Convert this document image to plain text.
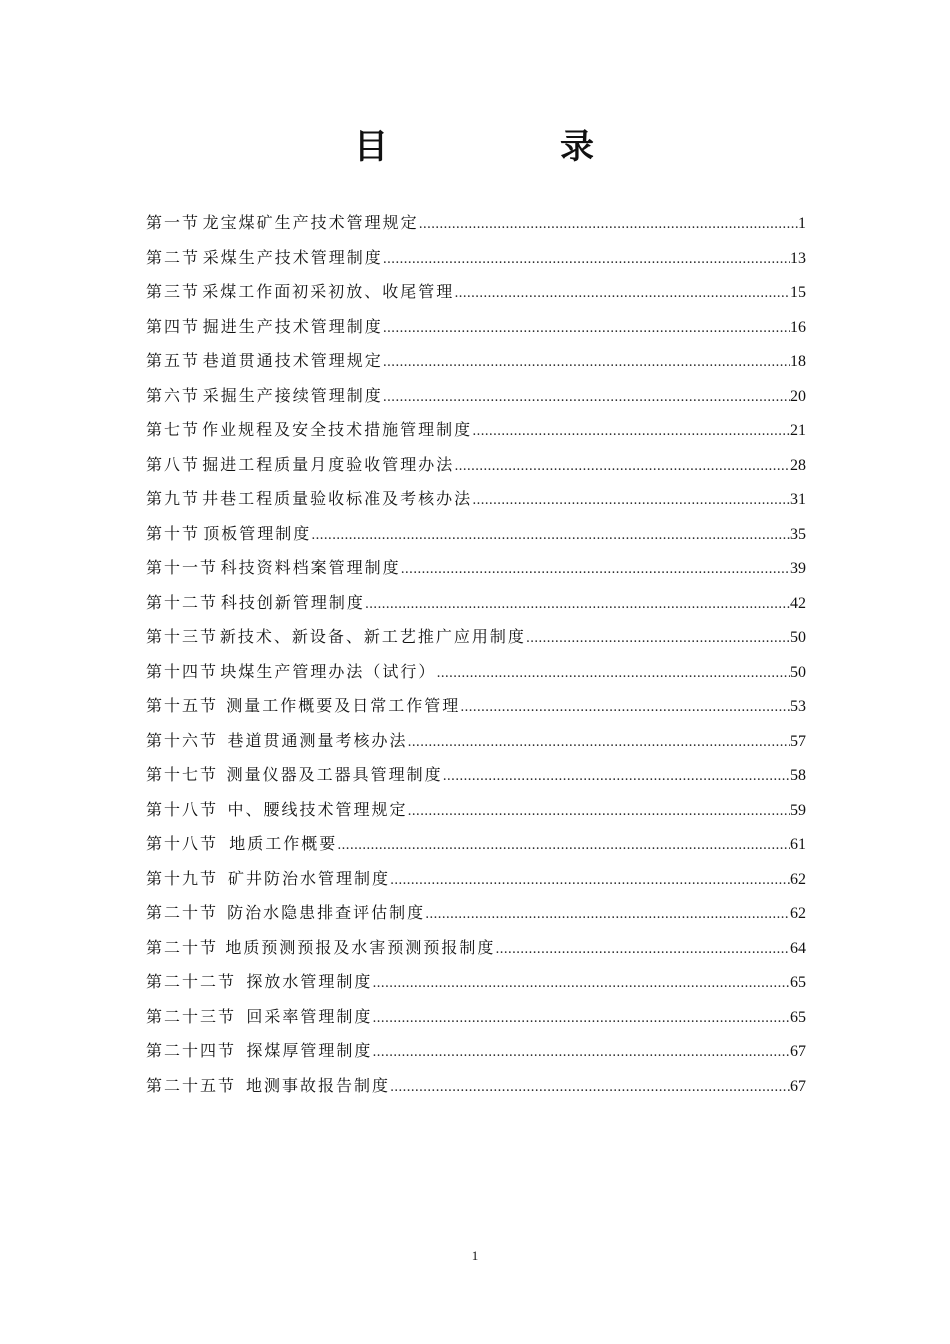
目	录
第一节 龙宝煤矿生产技术管理规定 .....	1
第二节 采煤生产技术管理制度 .....	13
第三节 采煤工作面初采初放、收尾管理 .....	15
第四节 掘进生产技术管理制度 .....	16
第五节 巷道贯通技术管理规定 .....	18
第六节 采掘生产接续管理制度 .....	20
第七节 作业规程及安全技术措施管理制度 .....	21
第八节 掘进工程质量月度验收管理办法 .....	28
第九节 井巷工程质量验收标准及考核办法 .....	31
第十节 顶板管理制度 .....	35
第十一节 科技资料档案管理制度 .....	39
第十二节 科技创新管理制度 .....	42
第十三节 新技术、新设备、新工艺推广应用制度 .....	50
第十四节 块煤生产管理办法（试行） .....	50
第十五节 测量工作概要及日常工作管理 .....	53
第十六节 巷道贯通测量考核办法 .....	57
第十七节 测量仪器及工器具管理制度 .....	58
第十八节 中、腰线技术管理规定 .....	59
第十八节 地质工作概要 .....	61
第十九节 矿井防治水管理制度 .....	62
第二十节 防治水隐患排查评估制度 .....	62
第二十节 地质预测预报及水害预测预报制度 .....	64
第二十二节 探放水管理制度 .....	65
第二十三节 回采率管理制度 .....	65
第二十四节 探煤厚管理制度 .....	67
第二十五节 地测事故报告制度 .....	67
1
